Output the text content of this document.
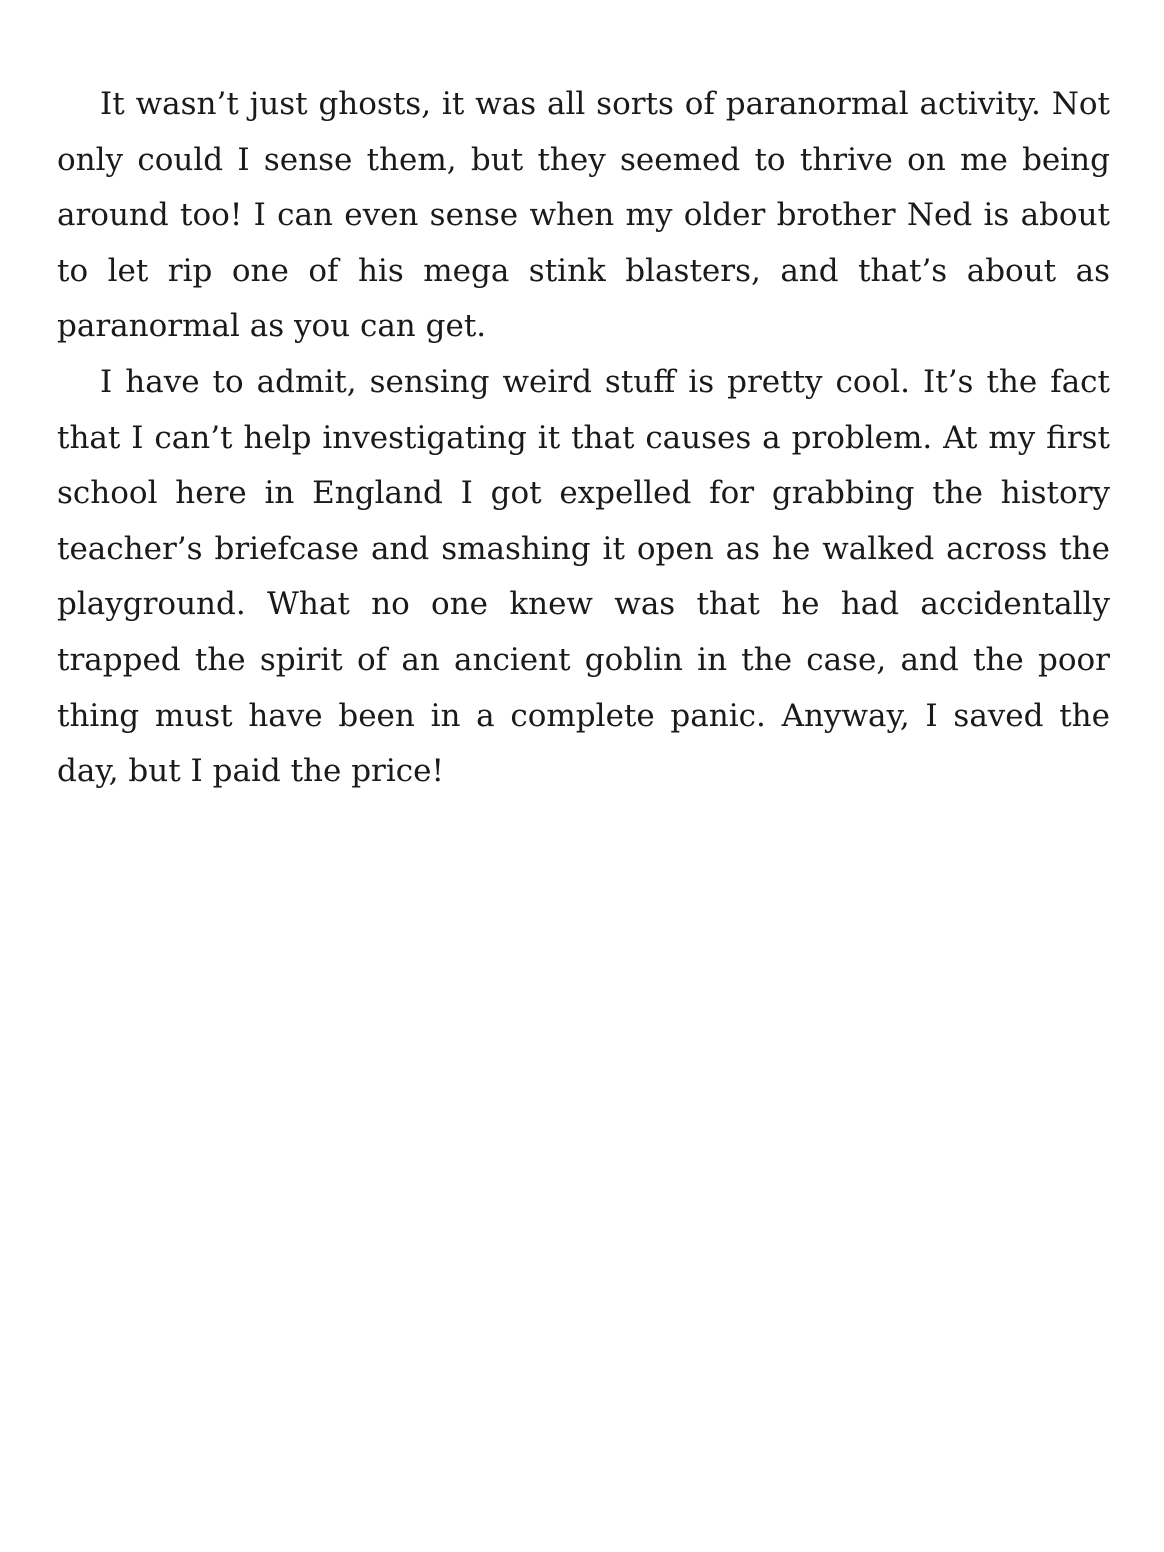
It wasn’t just ghosts, it was all sorts of paranormal activity. Not only could I sense them, but they seemed to thrive on me being around too! I can even sense when my older brother Ned is about to let rip one of his mega stink blasters, and that’s about as paranormal as you can get.

I have to admit, sensing weird stuff is pretty cool. It’s the fact that I can’t help investigating it that causes a problem. At my first school here in England I got expelled for grabbing the history teacher’s briefcase and smashing it open as he walked across the playground. What no one knew was that he had accidentally trapped the spirit of an ancient goblin in the case, and the poor thing must have been in a complete panic. Anyway, I saved the day, but I paid the price!
